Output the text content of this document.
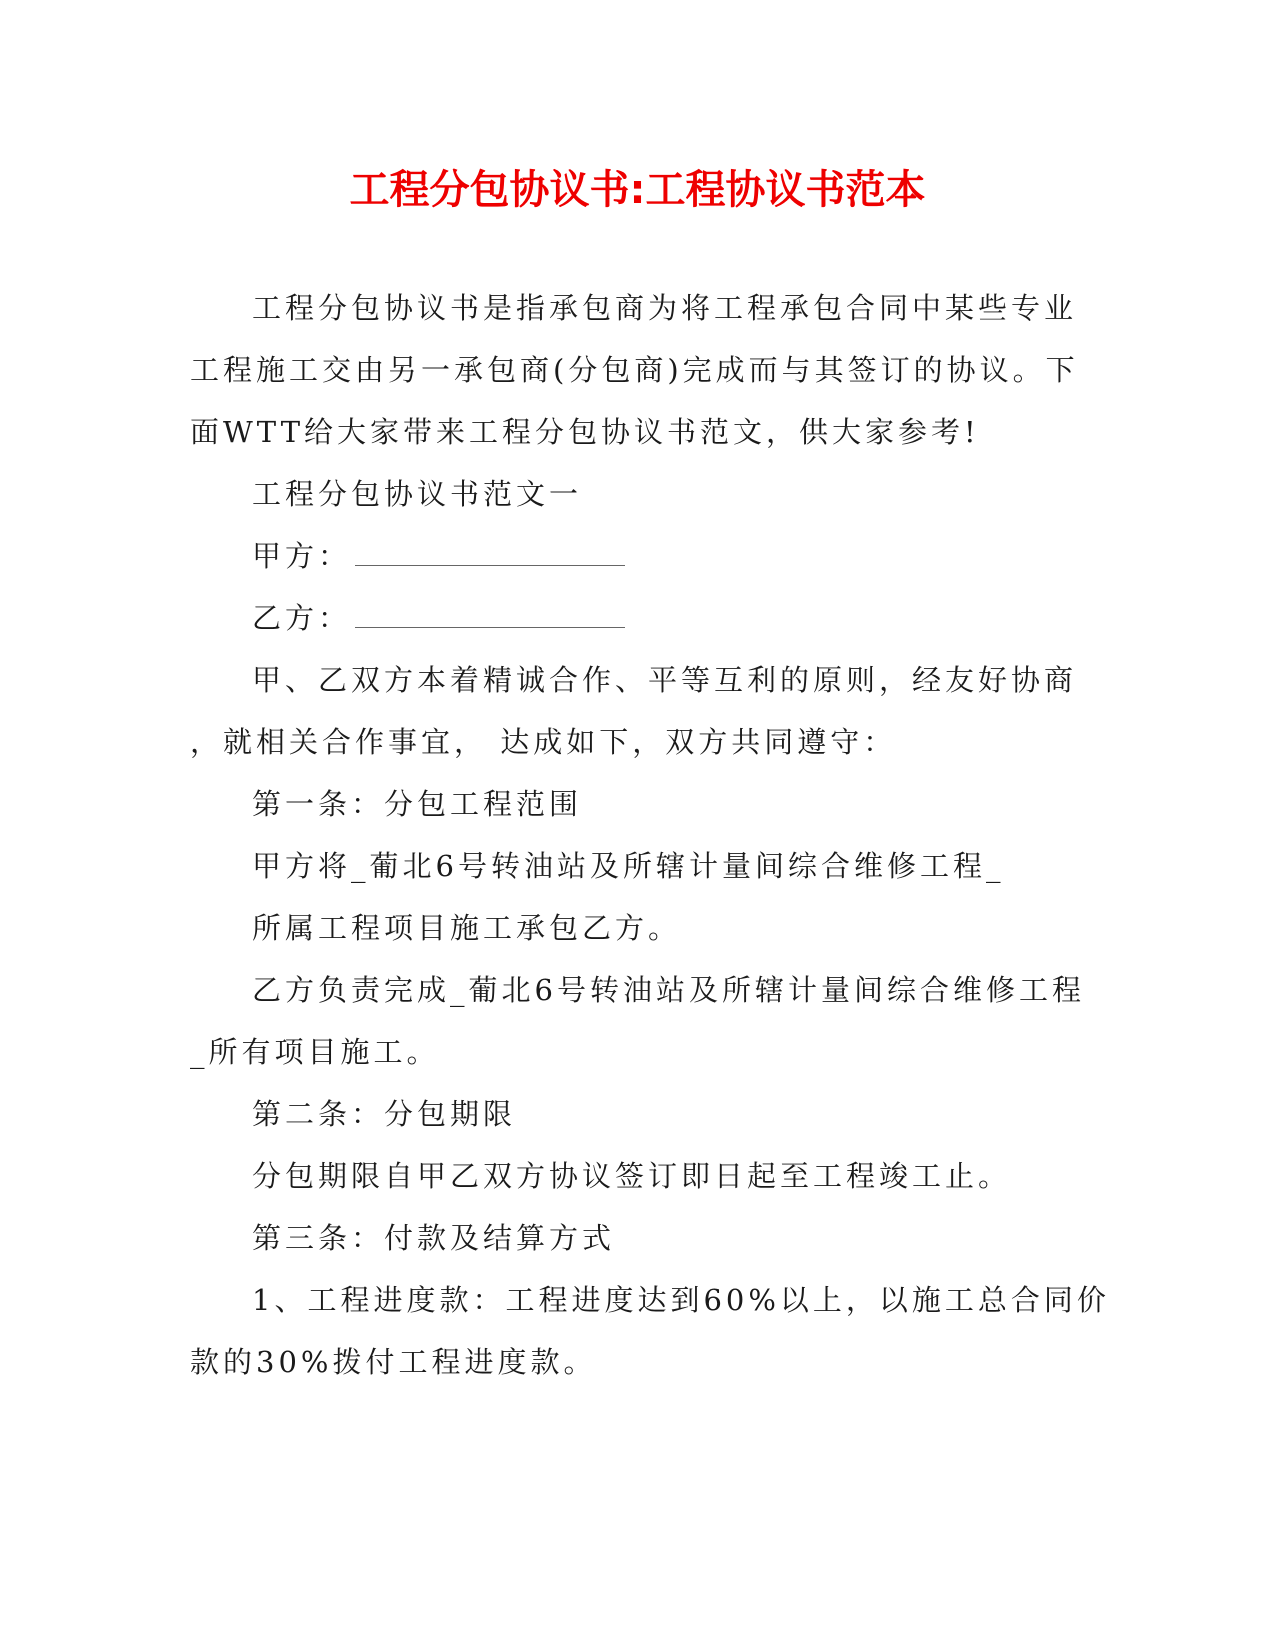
工程分包协议书:工程协议书范本
工程分包协议书是指承包商为将工程承包合同中某些专业
工程施工交由另一承包商(分包商)完成而与其签订的协议。下
面WTT给大家带来工程分包协议书范文，供大家参考!
工程分包协议书范文一
甲方：
乙方：
甲、乙双方本着精诚合作、平等互利的原则，经友好协商
，就相关合作事宜， 达成如下，双方共同遵守：
第一条：分包工程范围
甲方将_葡北6号转油站及所辖计量间综合维修工程_
所属工程项目施工承包乙方。
乙方负责完成_葡北6号转油站及所辖计量间综合维修工程
_所有项目施工。
第二条：分包期限
分包期限自甲乙双方协议签订即日起至工程竣工止。
第三条：付款及结算方式
1、工程进度款：工程进度达到60%以上，以施工总合同价
款的30%拨付工程进度款。
